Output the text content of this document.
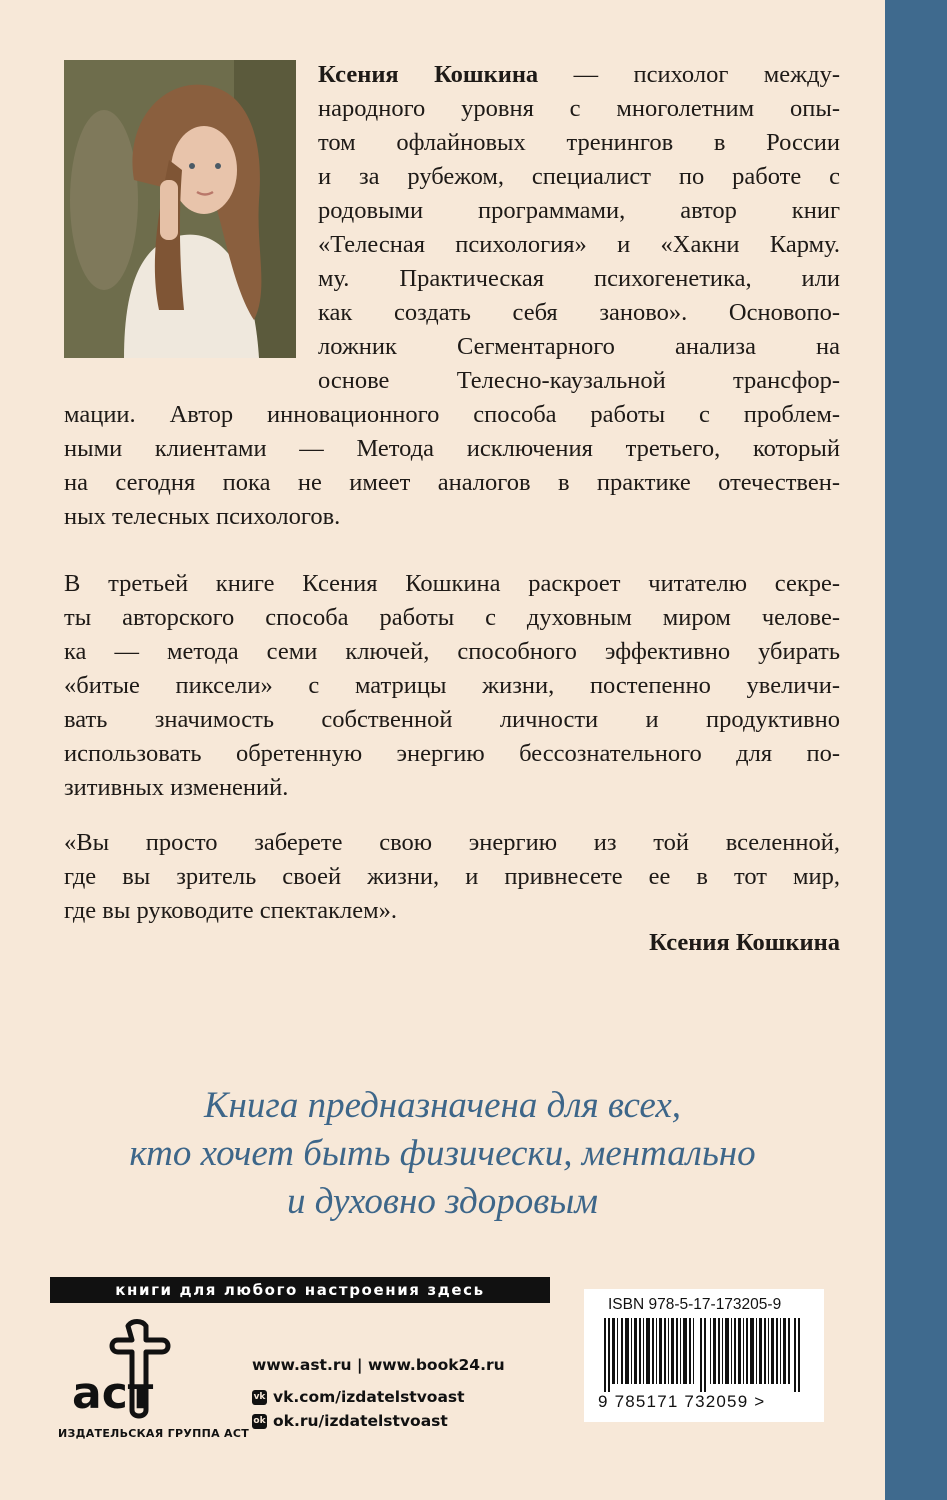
Ксения Кошкина — психолог между-
народного уровня с многолетним опы-
том офлайновых тренингов в России
и за рубежом, специалист по работе с
родовыми программами, автор книг
«Телесная психология» и «Хакни Карму.
му. Практическая психогенетика, или
как создать себя заново». Основопо-
ложник Сегментарного анализа на
основе Телесно-каузальной трансфор-
мации. Автор инновационного способа работы с проблем-
ными клиентами — Метода исключения третьего, который
на сегодня пока не имеет аналогов в практике отечествен-
ных телесных психологов.
В третьей книге Ксения Кошкина раскроет читателю секре-
ты авторского способа работы с духовным миром челове-
ка — метода семи ключей, способного эффективно убирать
«битые пиксели» с матрицы жизни, постепенно увеличи-
вать значимость собственной личности и продуктивно
использовать обретенную энергию бессознательного для по-
зитивных изменений.
«Вы просто заберете свою энергию из той вселенной,
где вы зритель своей жизни, и привнесете ее в тот мир,
где вы руководите спектаклем».
Ксения Кошкина
Книга предназначена для всех,
кто хочет быть физически, ментально
и духовно здоровым
книги для любого настроения здесь
аст
ИЗДАТЕЛЬСКАЯ ГРУППА АСТ
www.ast.ru | www.book24.ru
vk vk.com/izdatelstvoast
ok ok.ru/izdatelstvoast
ISBN 978-5-17-173205-9
9 785171 732059 >
